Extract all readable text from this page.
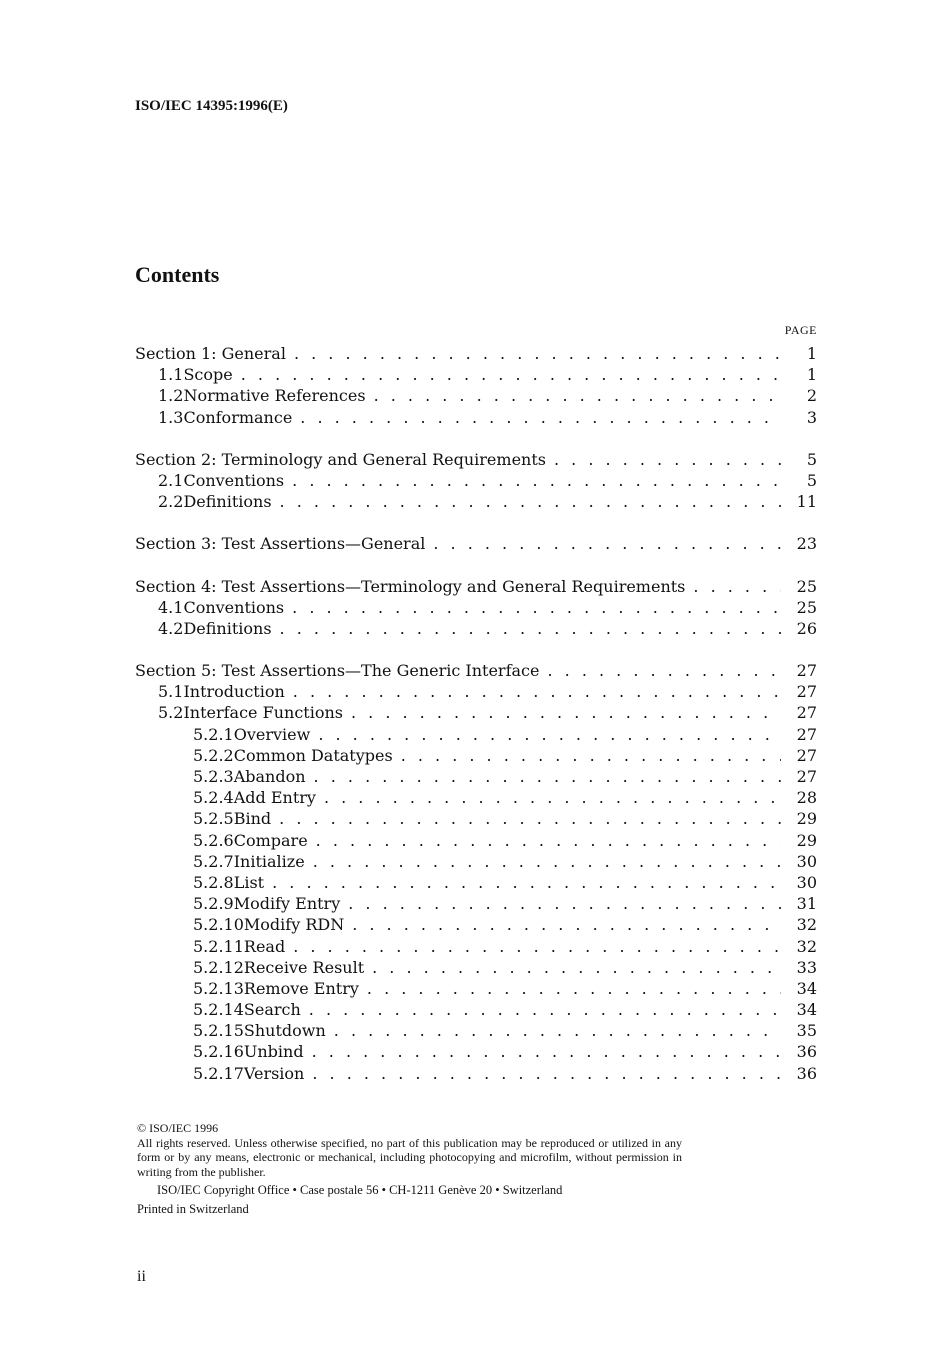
ISO/IEC 14395:1996(E)
Contents
PAGE
Section 1: General . . .	1
1.1 Scope . . .	1
1.2 Normative References . . .	2
1.3 Conformance . . .	3
Section 2: Terminology and General Requirements . . .	5
2.1 Conventions . . .	5
2.2 Definitions . . .	11
Section 3: Test Assertions—General . . .	23
Section 4: Test Assertions—Terminology and General Requirements . . .	25
4.1 Conventions . . .	25
4.2 Definitions . . .	26
Section 5: Test Assertions—The Generic Interface . . .	27
5.1 Introduction . . .	27
5.2 Interface Functions . . .	27
5.2.1 Overview . . .	27
5.2.2 Common Datatypes . . .	27
5.2.3 Abandon . . .	27
5.2.4 Add Entry . . .	28
5.2.5 Bind . . .	29
5.2.6 Compare . . .	29
5.2.7 Initialize . . .	30
5.2.8 List . . .	30
5.2.9 Modify Entry . . .	31
5.2.10 Modify RDN . . .	32
5.2.11 Read . . .	32
5.2.12 Receive Result . . .	33
5.2.13 Remove Entry . . .	34
5.2.14 Search . . .	34
5.2.15 Shutdown . . .	35
5.2.16 Unbind . . .	36
5.2.17 Version . . .	36
© ISO/IEC 1996
All rights reserved. Unless otherwise specified, no part of this publication may be reproduced or utilized in any form or by any means, electronic or mechanical, including photocopying and microfilm, without permission in writing from the publisher.
ISO/IEC Copyright Office • Case postale 56 • CH-1211 Genève 20 • Switzerland
Printed in Switzerland
ii
